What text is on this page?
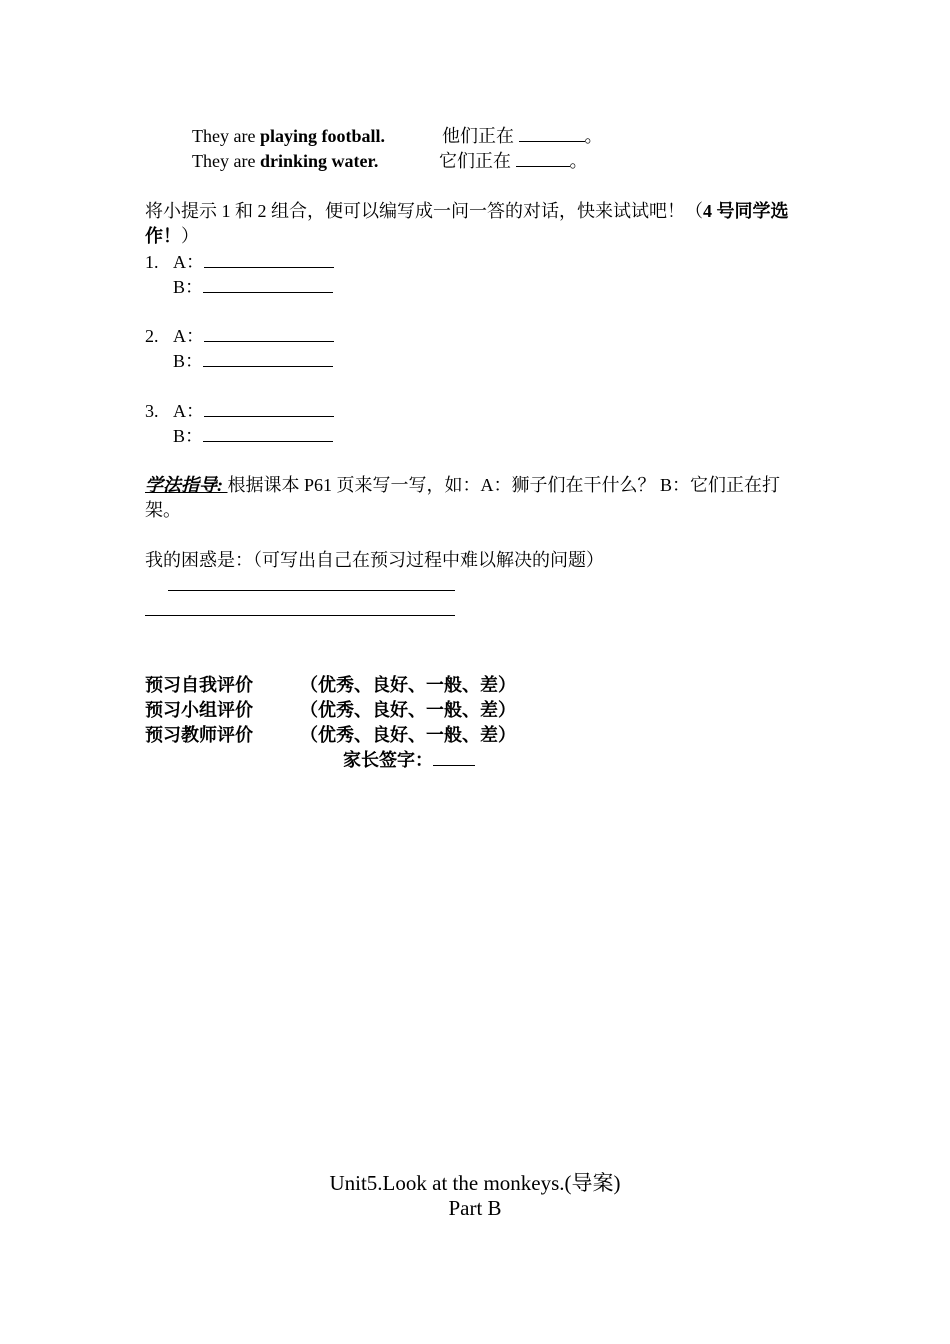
They are playing football.	他们正在	。
They are drinking water.	它们正在	。
将小提示 1 和 2 组合，便可以编写成一问一答的对话，快来试试吧！（4 号同学选
作！）
1. A：
B：
2. A：
B：
3. A：
B：
学法指导: 根据课本 P61 页来写一写，如：A：狮子们在干什么？ B：它们正在打
架。
我的困惑是：（可写出自己在预习过程中难以解决的问题）
预习自我评价	（优秀、良好、一般、差）
预习小组评价	（优秀、良好、一般、差）
预习教师评价	（优秀、良好、一般、差）
家长签字：
Unit5.Look at the monkeys.(导案)
Part B
